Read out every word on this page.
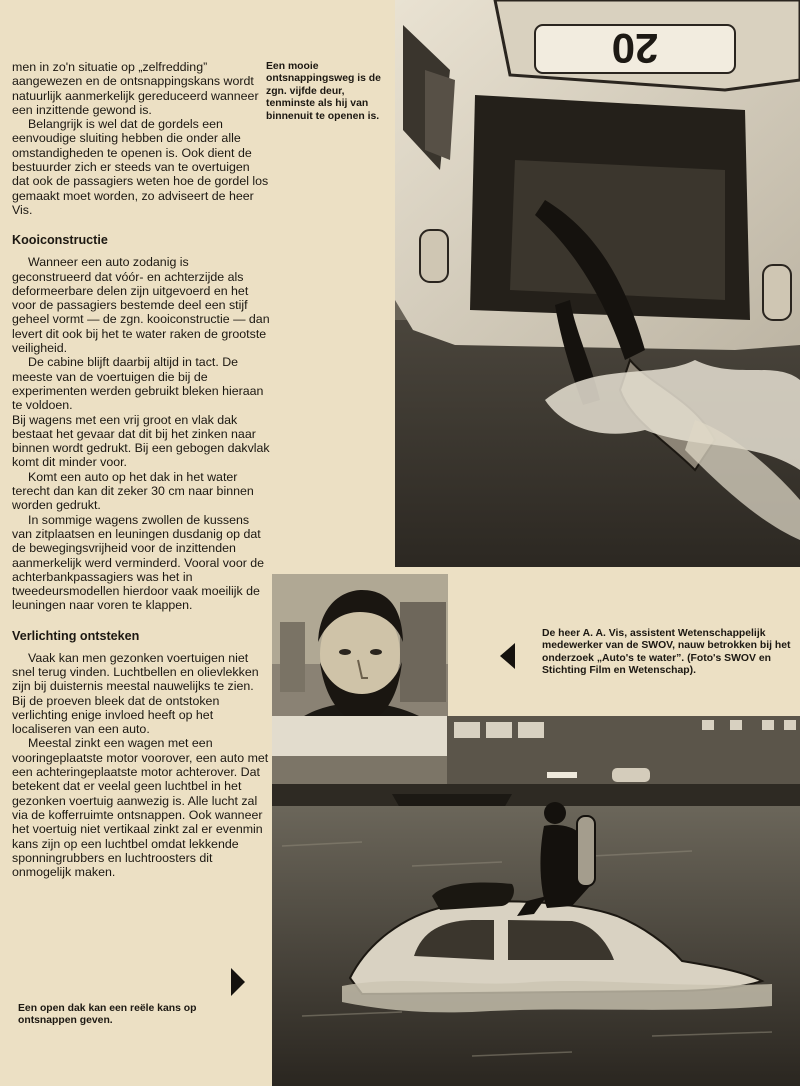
men in zo'n situatie op „zelfredding” aangewezen en de ontsnappingskans wordt natuurlijk aanmerkelijk gereduceerd wanneer een inzittende gewond is.

Belangrijk is wel dat de gordels een eenvoudige sluiting hebben die onder alle omstandigheden te openen is. Ook dient de bestuurder zich er steeds van te overtuigen dat ook de passagiers weten hoe de gordel los gemaakt moet worden, zo adviseert de heer Vis.

Kooiconstructie

Wanneer een auto zodanig is geconstrueerd dat vóór- en achterzijde als deformeerbare delen zijn uitgevoerd en het voor de passagiers bestemde deel een stijf geheel vormt — de zgn. kooiconstructie — dan levert dit ook bij het te water raken de grootste veiligheid.

De cabine blijft daarbij altijd in tact. De meeste van de voertuigen die bij de experimenten werden gebruikt bleken hieraan te voldoen.

Bij wagens met een vrij groot en vlak dak bestaat het gevaar dat dit bij het zinken naar binnen wordt gedrukt. Bij een gebogen dakvlak komt dit minder voor.

Komt een auto op het dak in het water terecht dan kan dit zeker 30 cm naar binnen worden gedrukt.

In sommige wagens zwollen de kussens van zitplaatsen en leuningen dusdanig op dat de bewegingsvrijheid voor de inzittenden aanmerkelijk werd verminderd. Vooral voor de achterbankpassagiers was het in tweedeursmodellen hierdoor vaak moeilijk de leuningen naar voren te klappen.

Verlichting ontsteken

Vaak kan men gezonken voertuigen niet snel terug vinden. Luchtbellen en olievlekken zijn bij duisternis meestal nauwelijks te zien. Bij de proeven bleek dat de ontstoken verlichting enige invloed heeft op het localiseren van een auto.

Meestal zinkt een wagen met een vooringeplaatste motor voorover, een auto met een achteringeplaatste motor achterover. Dat betekent dat er veelal geen luchtbel in het gezonken voertuig aanwezig is. Alle lucht zal via de kofferruimte ontsnappen. Ook wanneer het voertuig niet vertikaal zinkt zal er evenmin kans zijn op een luchtbel omdat lekkende sponningrubbers en luchtroosters dit onmogelijk maken.

Een mooie ontsnappingsweg is de zgn. vijfde deur, tenminste als hij van binnenuit te openen is.
20
De heer A. A. Vis, assistent Wetenschappelijk medewerker van de SWOV, nauw betrokken bij het onderzoek „Auto's te water”. (Foto's SWOV en Stichting Film en Wetenschap).
Een open dak kan een reële kans op ontsnappen geven.
